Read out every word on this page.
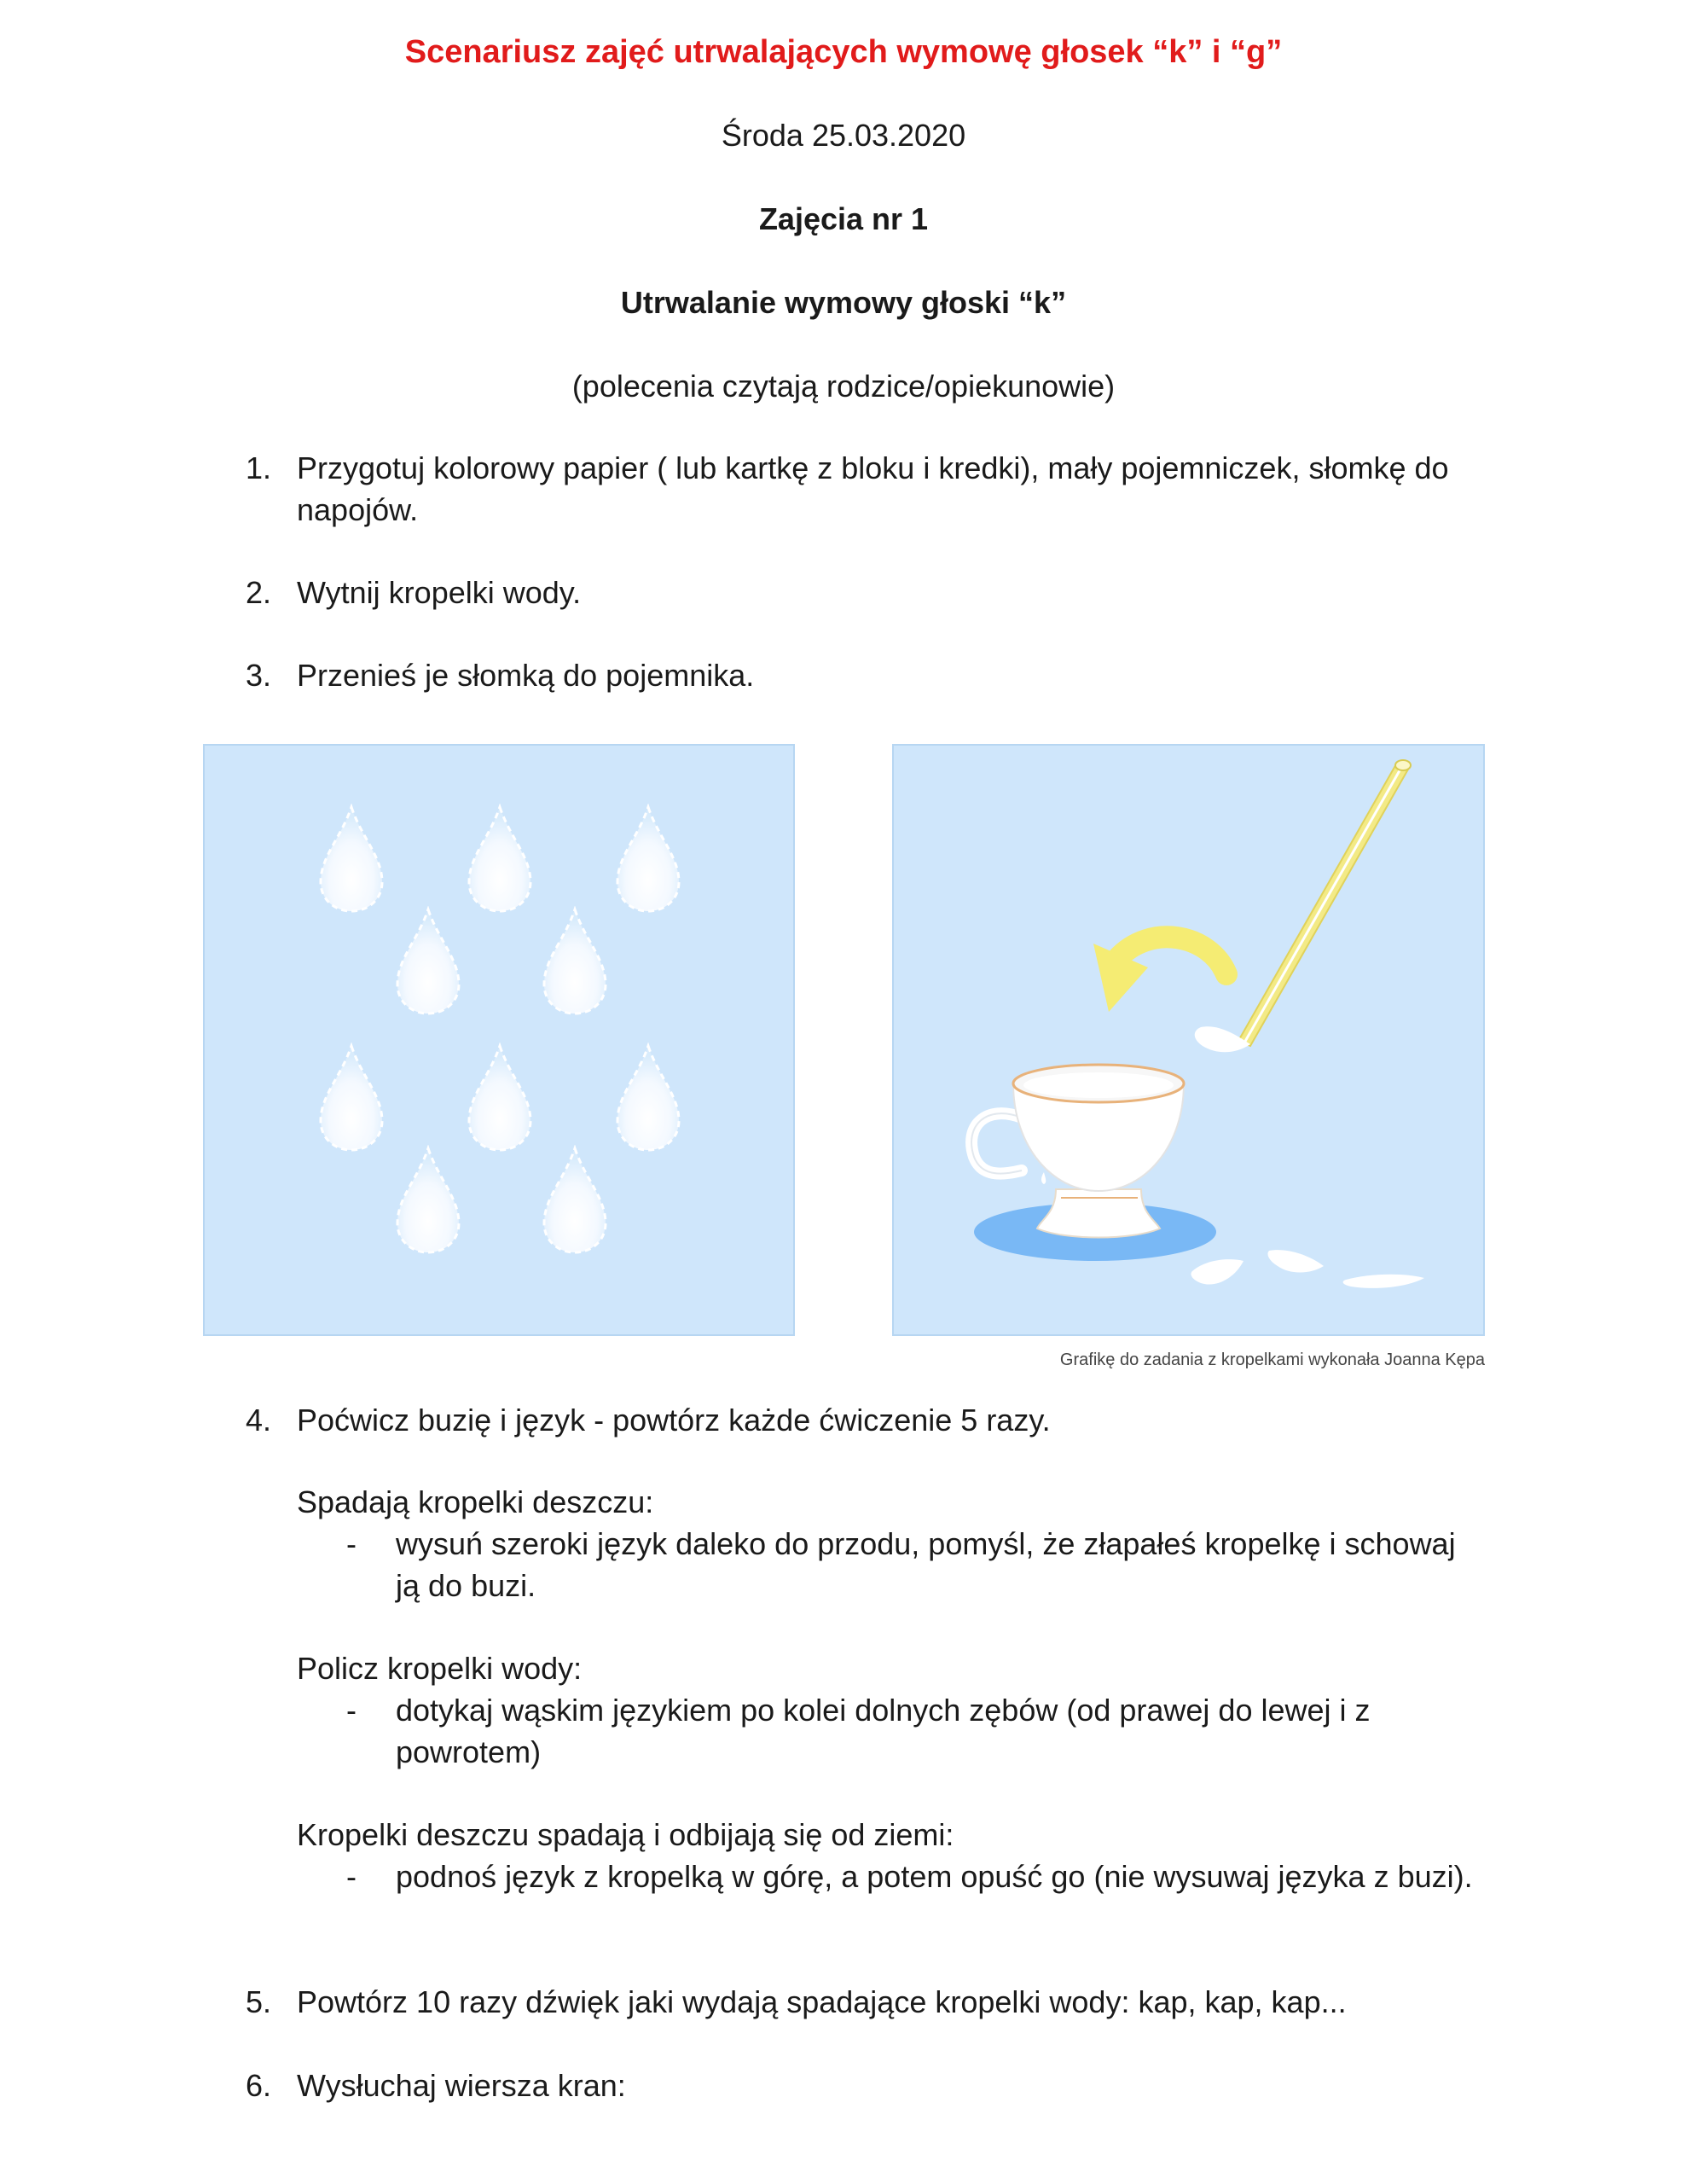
Scenariusz zajęć utrwalających wymowę głosek “k” i “g”
Środa 25.03.2020
Zajęcia nr 1
Utrwalanie wymowy głoski “k”
(polecenia czytają rodzice/opiekunowie)
1. Przygotuj kolorowy papier ( lub kartkę z bloku i kredki), mały pojemniczek, słomkę do napojów.
2. Wytnij kropelki wody.
3. Przenieś je słomką do pojemnika.
Grafikę do zadania z kropelkami wykonała Joanna Kępa
4. Poćwicz buzię i język - powtórz każde ćwiczenie 5 razy.
Spadają kropelki deszczu:
- wysuń szeroki język daleko do przodu, pomyśl, że złapałeś kropelkę i schowaj ją do buzi.
Policz kropelki wody:
- dotykaj wąskim językiem po kolei dolnych zębów (od prawej do lewej i z powrotem)
Kropelki deszczu spadają i odbijają się od ziemi:
- podnoś język z kropelką w górę, a potem opuść go (nie wysuwaj języka z buzi).
5. Powtórz 10 razy dźwięk jaki wydają spadające kropelki wody: kap, kap, kap...
6. Wysłuchaj wiersza kran:
